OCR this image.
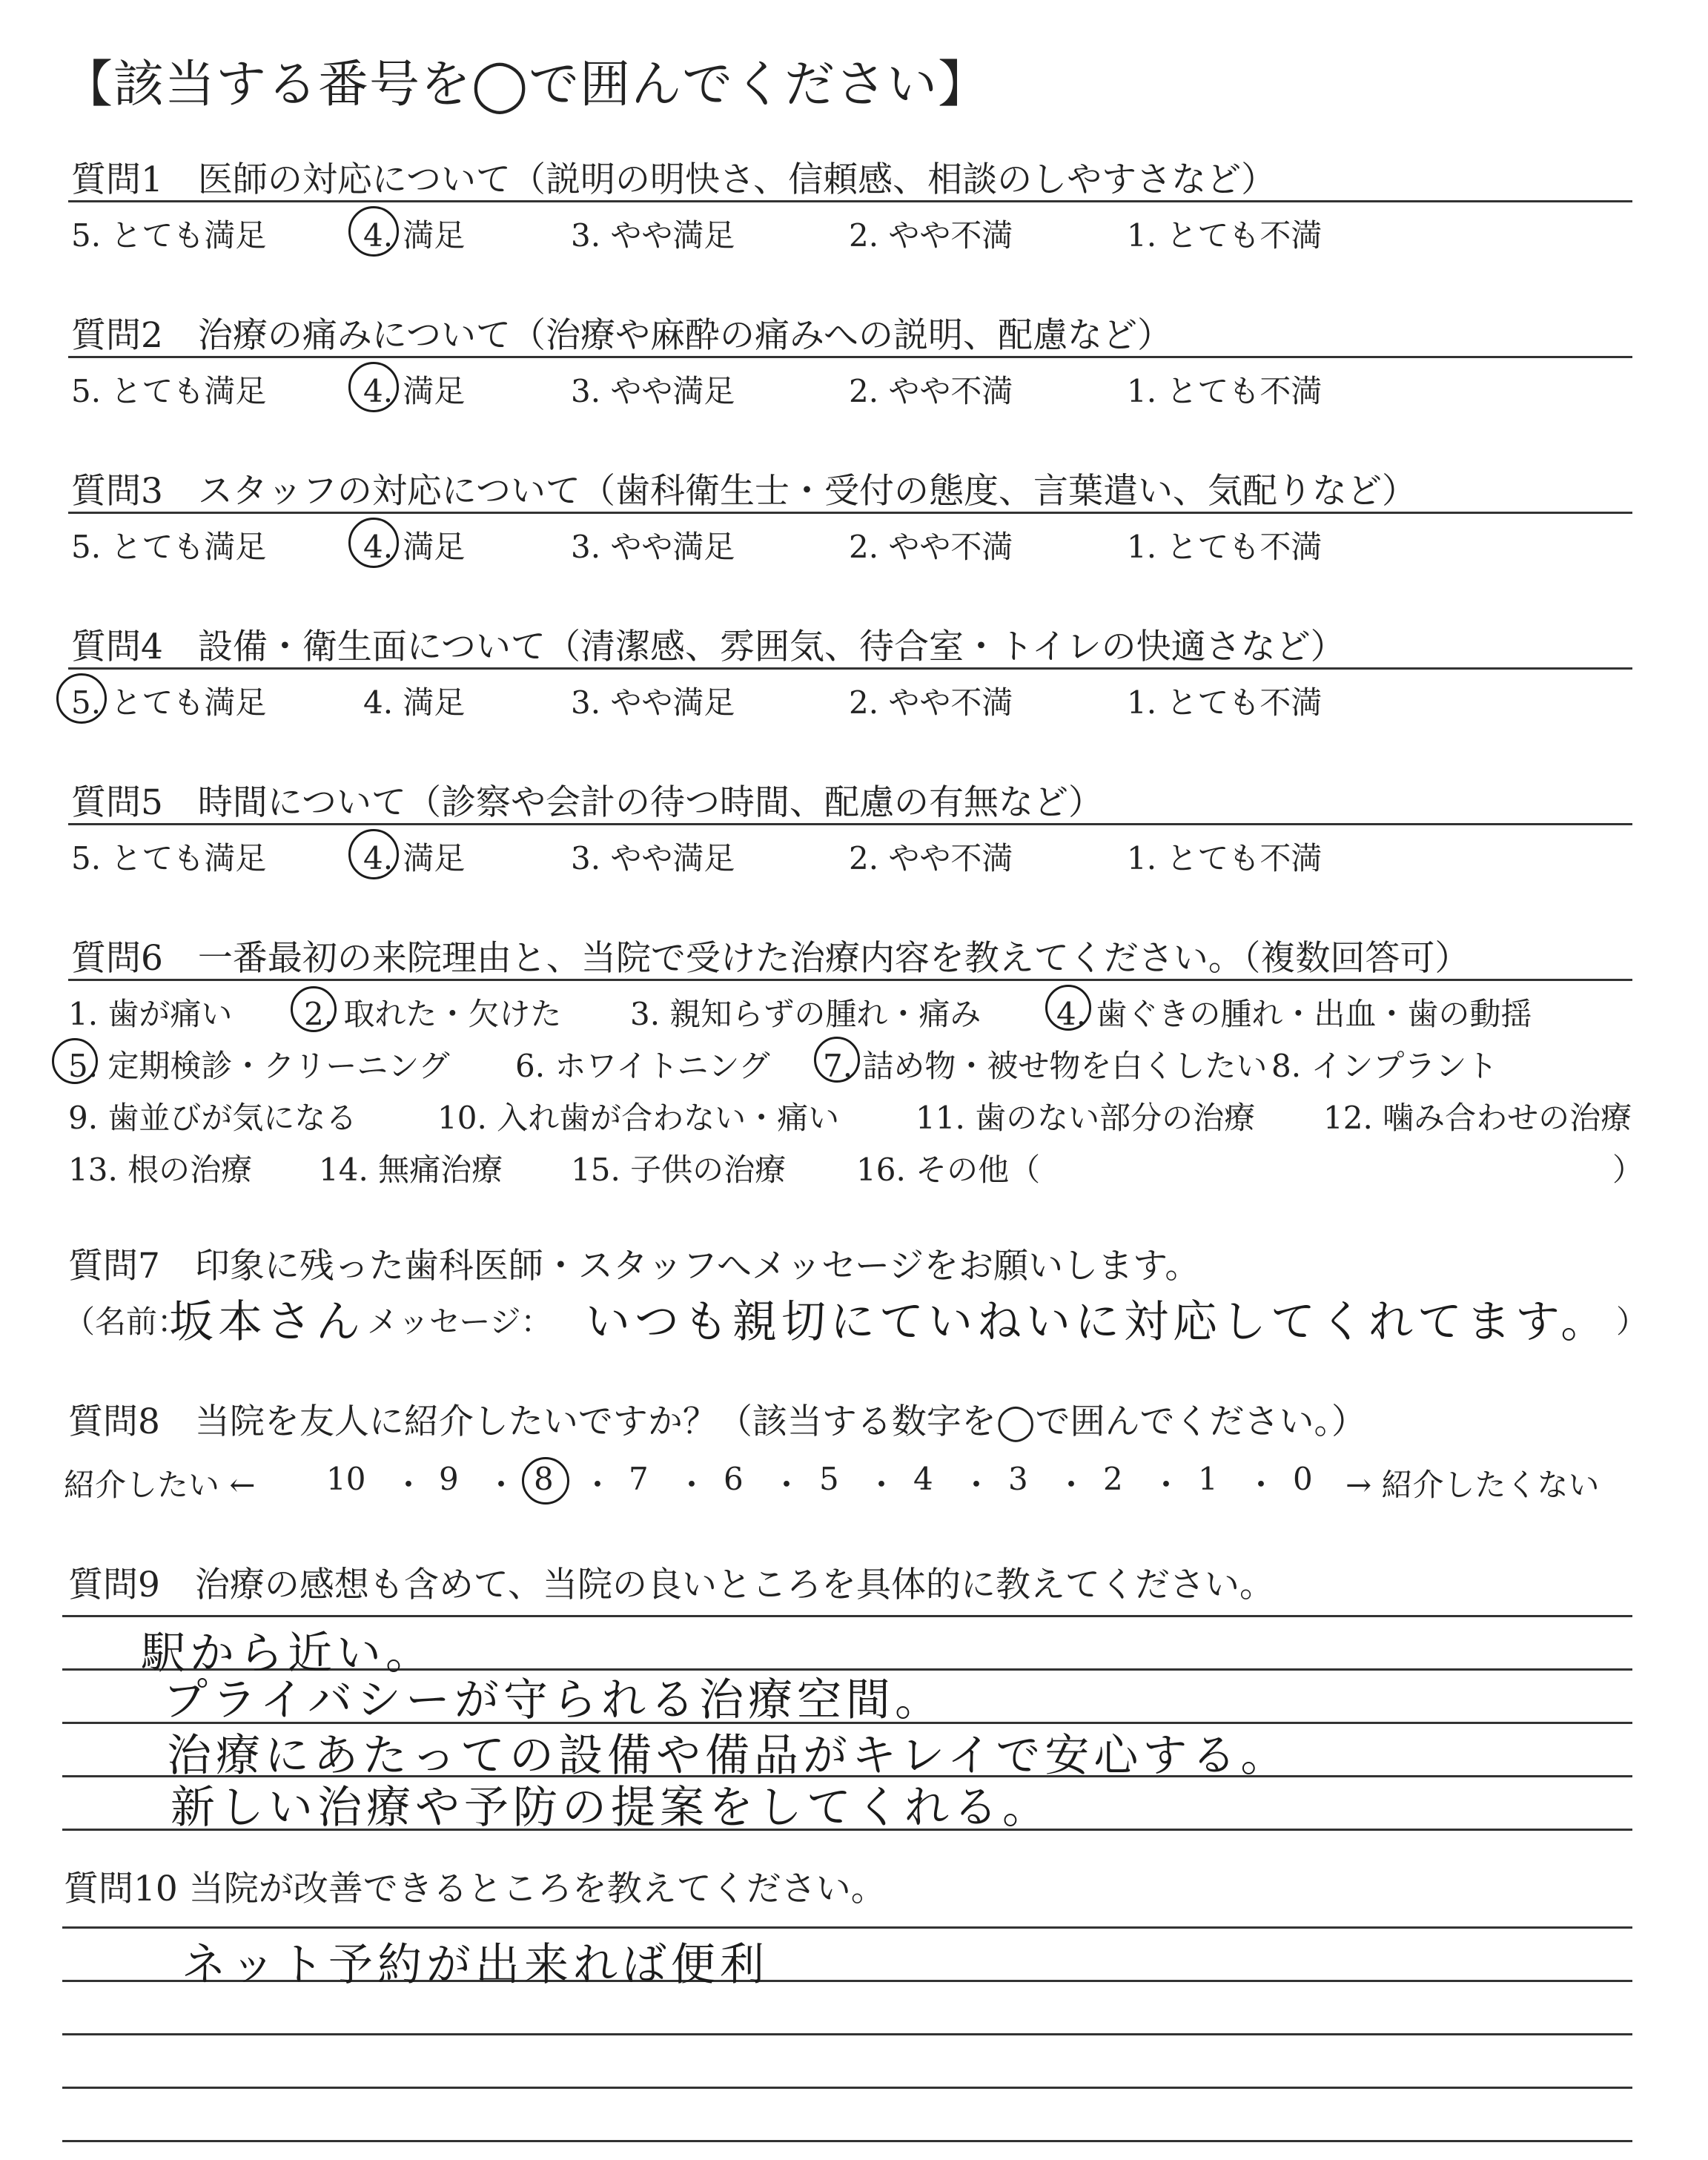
【該当する番号を◯で囲んでください】
質問1　医師の対応について（説明の明快さ、信頼感、相談のしやすさなど）
5. とても満足	4. 満足	3. やや満足	2. やや不満	1. とても不満
質問2　治療の痛みについて（治療や麻酔の痛みへの説明、配慮など）
5. とても満足	4. 満足	3. やや満足	2. やや不満	1. とても不満
質問3　スタッフの対応について（歯科衛生士・受付の態度、言葉遣い、気配りなど）
5. とても満足	4. 満足	3. やや満足	2. やや不満	1. とても不満
質問4　設備・衛生面について（清潔感、雰囲気、待合室・トイレの快適さなど）
5. とても満足	4. 満足	3. やや満足	2. やや不満	1. とても不満
質問5　時間について（診察や会計の待つ時間、配慮の有無など）
5. とても満足	4. 満足	3. やや満足	2. やや不満	1. とても不満
質問6　一番最初の来院理由と、当院で受けた治療内容を教えてください。（複数回答可）
1. 歯が痛い 2. 取れた・欠けた 3. 親知らずの腫れ・痛み 4. 歯ぐきの腫れ・出血・歯の動揺
5. 定期検診・クリーニング 6. ホワイトニング 7. 詰め物・被せ物を白くしたい 8. インプラント
9. 歯並びが気になる	10. 入れ歯が合わない・痛い 11. 歯のない部分の治療 12. 噛み合わせの治療
13. 根の治療 14. 無痛治療 15. 子供の治療 16. その他（	）
質問7　印象に残った歯科医師・スタッフへメッセージをお願いします。
（名前：
坂本さん メッセージ： いつも親切にていねいに対応してくれてます。 ）
質問8　当院を友人に紹介したいですか？（該当する数字を◯で囲んでください。）
紹介したい ← 10 ・ 9 ・ 8 ・ 7 ・ 6 ・ 5 ・ 4 ・ 3 ・ 2 ・ 1 ・ 0 → 紹介したくない
質問9　治療の感想も含めて、当院の良いところを具体的に教えてください。
駅から近い。
プライバシーが守られる治療空間。
治療にあたっての設備や備品がキレイで安心する。
新しい治療や予防の提案をしてくれる。
質問10 当院が改善できるところを教えてください。
ネット予約が出来れば便利
